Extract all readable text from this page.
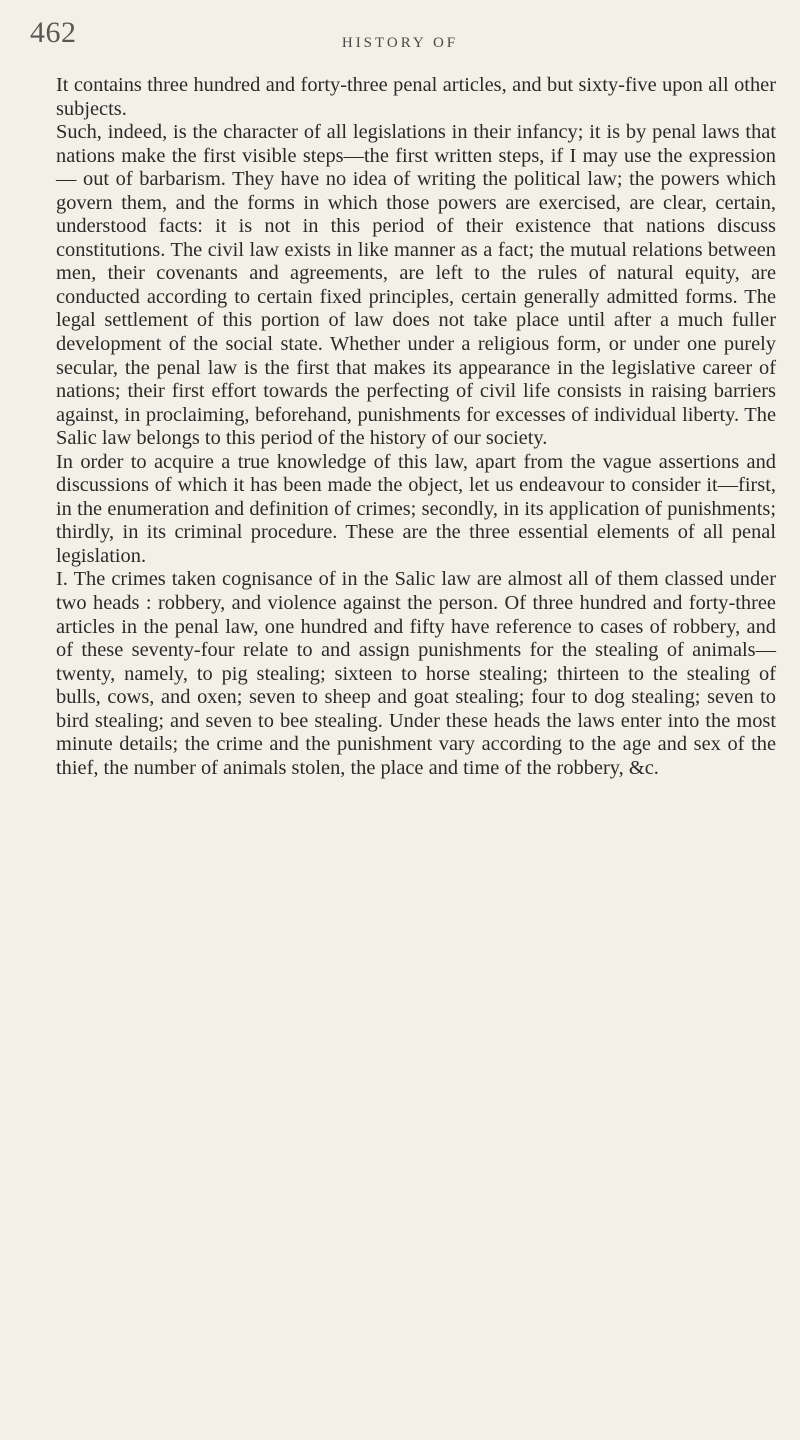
462	HISTORY OF

It contains three hundred and forty-three penal articles, and but sixty-five upon all other subjects.

Such, indeed, is the character of all legislations in their infancy; it is by penal laws that nations make the first visible steps—the first written steps, if I may use the expression— out of barbarism. They have no idea of writing the political law; the powers which govern them, and the forms in which those powers are exercised, are clear, certain, understood facts: it is not in this period of their existence that nations discuss constitutions. The civil law exists in like manner as a fact; the mutual relations between men, their covenants and agreements, are left to the rules of natural equity, are conducted according to certain fixed principles, certain generally admitted forms. The legal settlement of this portion of law does not take place until after a much fuller development of the social state. Whether under a religious form, or under one purely secular, the penal law is the first that makes its appearance in the legislative career of nations; their first effort towards the perfecting of civil life consists in raising barriers against, in proclaiming, beforehand, punishments for excesses of individual liberty. The Salic law belongs to this period of the history of our society.

In order to acquire a true knowledge of this law, apart from the vague assertions and discussions of which it has been made the object, let us endeavour to consider it—first, in the enumeration and definition of crimes; secondly, in its application of punishments; thirdly, in its criminal procedure. These are the three essential elements of all penal legislation.

I. The crimes taken cognisance of in the Salic law are almost all of them classed under two heads : robbery, and violence against the person. Of three hundred and forty-three articles in the penal law, one hundred and fifty have reference to cases of robbery, and of these seventy-four relate to and assign punishments for the stealing of animals— twenty, namely, to pig stealing; sixteen to horse stealing; thirteen to the stealing of bulls, cows, and oxen; seven to sheep and goat stealing; four to dog stealing; seven to bird stealing; and seven to bee stealing. Under these heads the laws enter into the most minute details; the crime and the punishment vary according to the age and sex of the thief, the number of animals stolen, the place and time of the robbery, &c.
